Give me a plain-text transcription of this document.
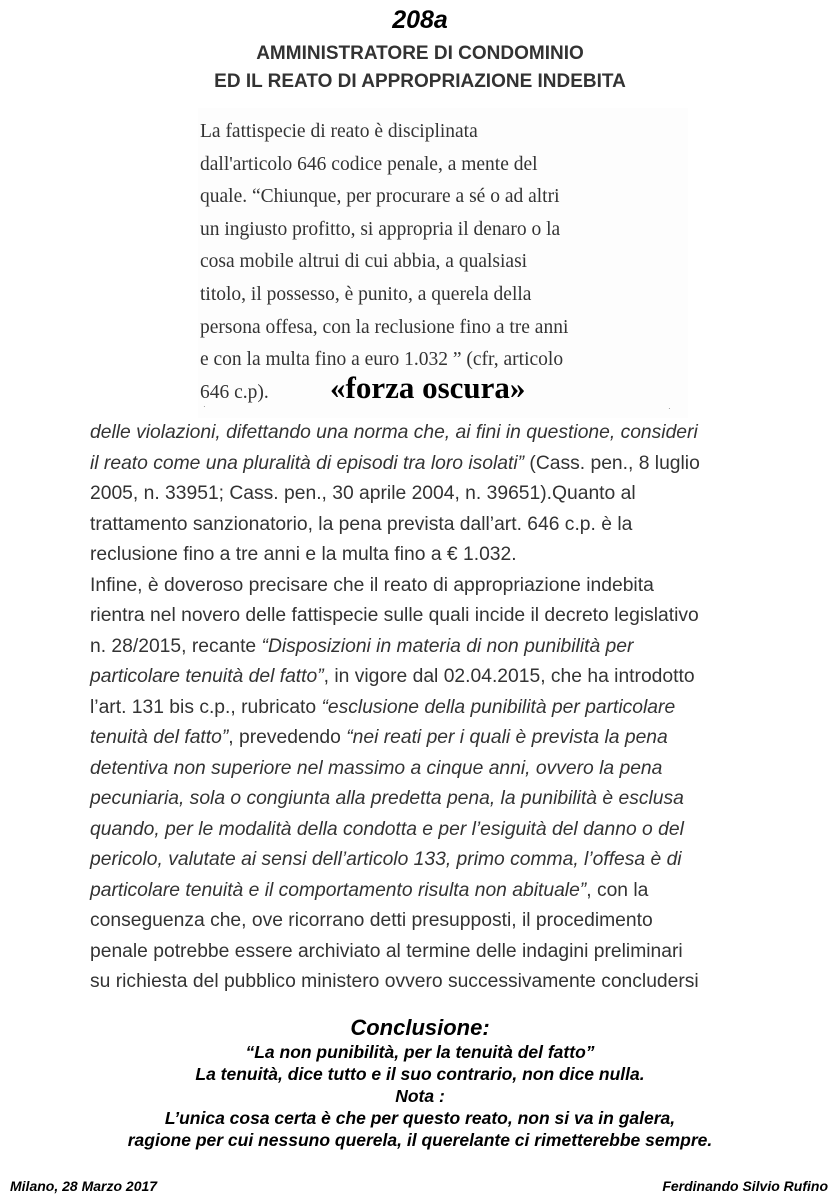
208a
AMMINISTRATORE DI CONDOMINIO
ED IL REATO DI APPROPRIAZIONE INDEBITA
La fattispecie di reato è disciplinata
dall'articolo 646 codice penale, a mente del
quale. “Chiunque, per procurare a sé o ad altri
un ingiusto profitto, si appropria il denaro o la
cosa mobile altrui di cui abbia, a qualsiasi
titolo, il possesso, è punito, a querela della
persona offesa, con la reclusione fino a tre anni
e con la multa fino a euro 1.032 ” (cfr, articolo
646 c.p).	«forza oscura»
·	·
delle violazioni, difettando una norma che, ai fini in questione, consideri
il reato come una pluralità di episodi tra loro isolati” (Cass. pen., 8 luglio
2005, n. 33951; Cass. pen., 30 aprile 2004, n. 39651).Quanto al
trattamento sanzionatorio, la pena prevista dall’art. 646 c.p. è la
reclusione fino a tre anni e la multa fino a € 1.032.
Infine, è doveroso precisare che il reato di appropriazione indebita
rientra nel novero delle fattispecie sulle quali incide il decreto legislativo
n. 28/2015, recante “Disposizioni in materia di non punibilità per
particolare tenuità del fatto”, in vigore dal 02.04.2015, che ha introdotto
l’art. 131 bis c.p., rubricato “esclusione della punibilità per particolare
tenuità del fatto”, prevedendo “nei reati per i quali è prevista la pena
detentiva non superiore nel massimo a cinque anni, ovvero la pena
pecuniaria, sola o congiunta alla predetta pena, la punibilità è esclusa
quando, per le modalità della condotta e per l’esiguità del danno o del
pericolo, valutate ai sensi dell’articolo 133, primo comma, l’offesa è di
particolare tenuità e il comportamento risulta non abituale”, con la
conseguenza che, ove ricorrano detti presupposti, il procedimento
penale potrebbe essere archiviato al termine delle indagini preliminari
su richiesta del pubblico ministero ovvero successivamente concludersi
Conclusione:
“La non punibilità, per la tenuità del fatto”
La tenuità, dice tutto e il suo contrario, non dice nulla.
Nota :
L’unica cosa certa è che per questo reato, non si va in galera,
ragione per cui nessuno querela, il querelante ci rimetterebbe sempre.
Milano, 28 Marzo 2017	Ferdinando Silvio Rufino
